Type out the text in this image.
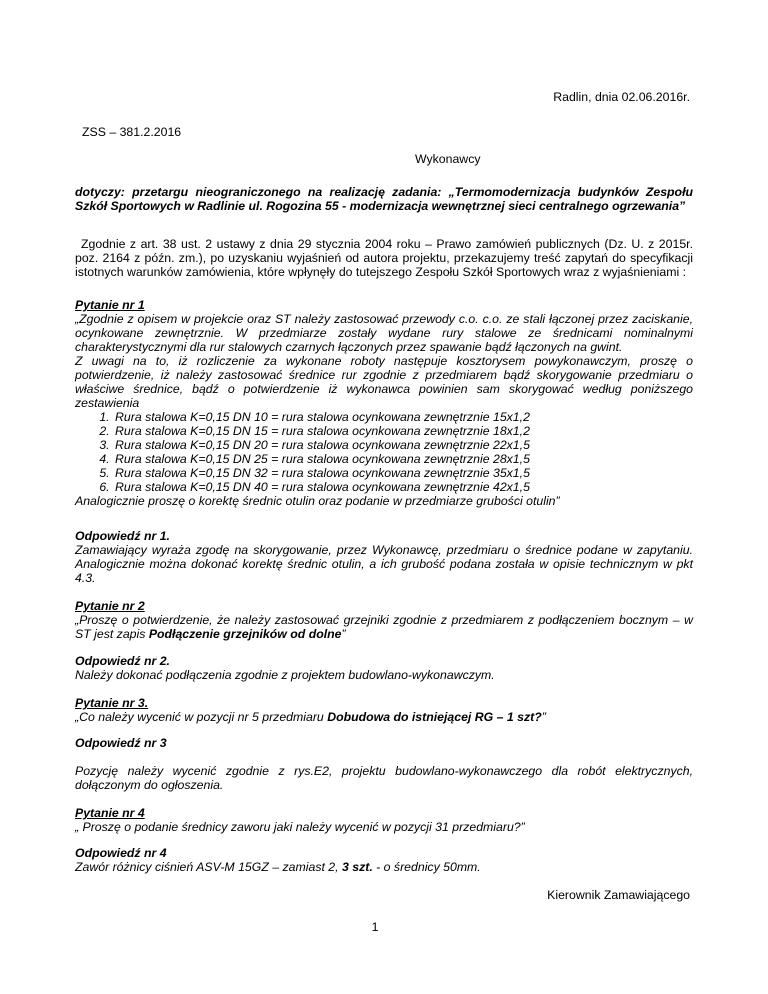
Radlin, dnia 02.06.2016r.
ZSS – 381.2.2016
Wykonawcy
dotyczy: przetargu nieograniczonego na realizację zadania: „Termomodernizacja budynków Zespołu Szkół Sportowych w Radlinie ul. Rogozina 55 - modernizacja wewnętrznej sieci centralnego ogrzewania”
Zgodnie z art. 38 ust. 2 ustawy z dnia 29 stycznia 2004 roku – Prawo zamówień publicznych (Dz. U. z 2015r. poz. 2164 z późn. zm.), po uzyskaniu wyjaśnień od autora projektu, przekazujemy treść zapytań do specyfikacji istotnych warunków zamówienia, które wpłynęły do tutejszego Zespołu Szkół Sportowych wraz z wyjaśnieniami :

Pytanie nr 1

„Zgodnie z opisem w projekcie oraz ST należy zastosować przewody c.o. c.o. ze stali łączonej przez zaciskanie, ocynkowane zewnętrznie. W przedmiarze zostały wydane rury stalowe ze średnicami nominalnymi charakterystycznymi dla rur stalowych czarnych łączonych przez spawanie bądź łączonych na gwint.

Z uwagi na to, iż rozliczenie za wykonane roboty następuje kosztorysem powykonawczym, proszę o potwierdzenie, iż należy zastosować średnice rur zgodnie z przedmiarem bądź skorygowanie przedmiaru o właściwe średnice, bądź o potwierdzenie iż wykonawca powinien sam skorygować według poniższego zestawienia

1. Rura stalowa K=0,15 DN 10 = rura stalowa ocynkowana zewnętrznie 15x1,2
2. Rura stalowa K=0,15 DN 15 = rura stalowa ocynkowana zewnętrznie 18x1,2
3. Rura stalowa K=0,15 DN 20 = rura stalowa ocynkowana zewnętrznie 22x1,5
4. Rura stalowa K=0,15 DN 25 = rura stalowa ocynkowana zewnętrznie 28x1,5
5. Rura stalowa K=0,15 DN 32 = rura stalowa ocynkowana zewnętrznie 35x1,5
6. Rura stalowa K=0,15 DN 40 = rura stalowa ocynkowana zewnętrznie 42x1,5

Analogicznie proszę o korektę średnic otulin oraz podanie w przedmiarze grubości otulin”

Odpowiedź nr 1.

Zamawiający wyraża zgodę na skorygowanie, przez Wykonawcę, przedmiaru o średnice podane w zapytaniu. Analogicznie można dokonać korektę średnic otulin, a ich grubość podana została w opisie technicznym w pkt 4.3.

Pytanie nr 2

„Proszę o potwierdzenie, że należy zastosować grzejniki zgodnie z przedmiarem z podłączeniem bocznym – w ST jest zapis Podłączenie grzejników od dolne”

Odpowiedź nr 2.

Należy dokonać podłączenia zgodnie z projektem budowlano-wykonawczym.

Pytanie nr 3.

„Co należy wycenić w pozycji nr 5 przedmiaru Dobudowa do istniejącej RG – 1 szt?”

Odpowiedź nr 3

Pozycję należy wycenić zgodnie z rys.E2, projektu budowlano-wykonawczego dla robót elektrycznych, dołączonym do ogłoszenia.

Pytanie nr 4

„ Proszę o podanie średnicy zaworu jaki należy wycenić w pozycji 31 przedmiaru?”

Odpowiedź nr 4

Zawór różnicy ciśnień ASV-M 15GZ – zamiast 2, 3 szt. - o średnicy 50mm.

Kierownik Zamawiającego
1
